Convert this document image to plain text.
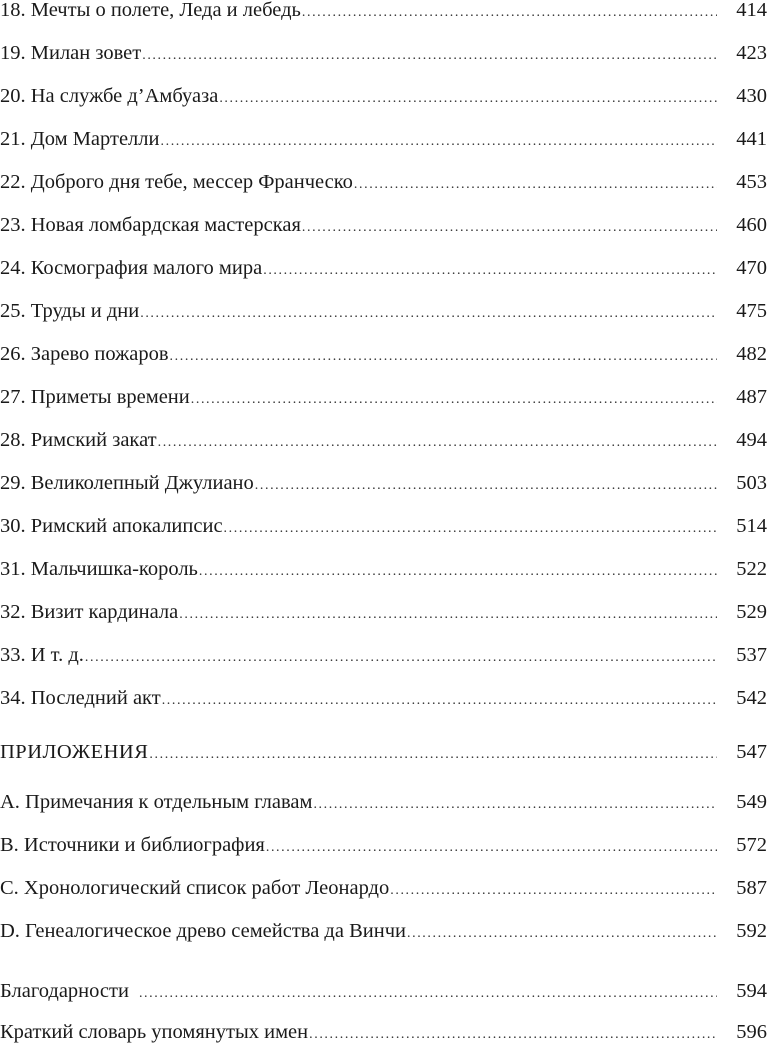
18. Мечты о полете, Леда и лебедь .....	414
19. Милан зовет .....	423
20. На службе д’Амбуаза .....	430
21. Дом Мартелли .....	441
22. Доброго дня тебе, мессер Франческо .....	453
23. Новая ломбардская мастерская .....	460
24. Космография малого мира .....	470
25. Труды и дни .....	475
26. Зарево пожаров .....	482
27. Приметы времени .....	487
28. Римский закат .....	494
29. Великолепный Джулиано .....	503
30. Римский апокалипсис .....	514
31. Мальчишка-король .....	522
32. Визит кардинала .....	529
33. И т. д. .....	537
34. Последний акт .....	542
ПРИЛОЖЕНИЯ .....	547
A. Примечания к отдельным главам .....	549
B. Источники и библиография .....	572
C. Хронологический список работ Леонардо .....	587
D. Генеалогическое древо семейства да Винчи .....	592
Благодарности .....	594
Краткий словарь упомянутых имен .....	596
